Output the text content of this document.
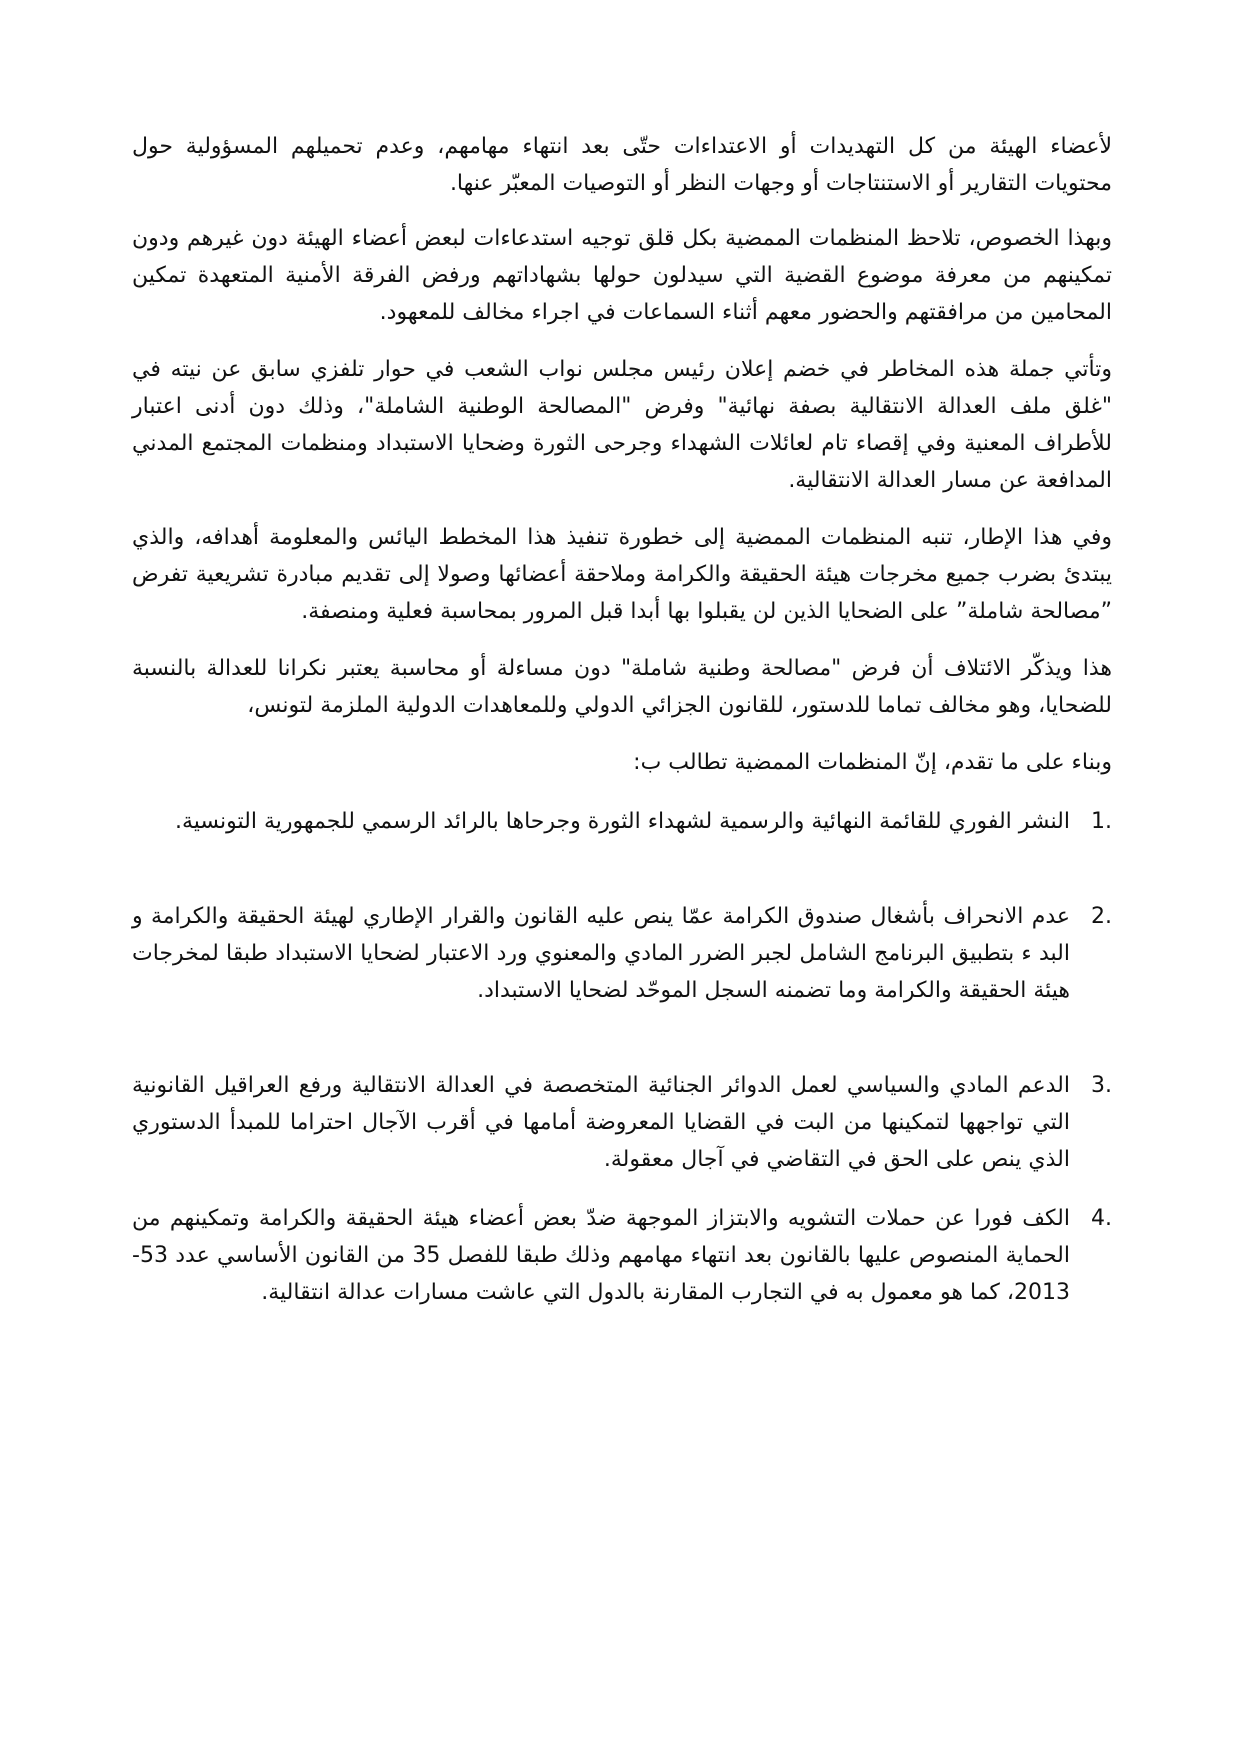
لأعضاء الهيئة من كل التهديدات أو الاعتداءات حتّى بعد انتهاء مهامهم، وعدم تحميلهم المسؤولية حول محتويات التقارير أو الاستنتاجات أو وجهات النظر أو التوصيات المعبّر عنها.

وبهذا الخصوص، تلاحظ المنظمات الممضية بكل قلق توجيه استدعاءات لبعض أعضاء الهيئة دون غيرهم ودون تمكينهم من معرفة موضوع القضية التي سيدلون حولها بشهاداتهم ورفض الفرقة الأمنية المتعهدة تمكين المحامين من مرافقتهم والحضور معهم أثناء السماعات في اجراء مخالف للمعهود.

وتأتي جملة هذه المخاطر في خضم إعلان رئيس مجلس نواب الشعب في حوار تلفزي سابق عن نيته في "غلق ملف العدالة الانتقالية بصفة نهائية" وفرض "المصالحة الوطنية الشاملة"، وذلك دون أدنى اعتبار للأطراف المعنية وفي إقصاء تام لعائلات الشهداء وجرحى الثورة وضحايا الاستبداد ومنظمات المجتمع المدني المدافعة عن مسار العدالة الانتقالية.

وفي هذا الإطار، تنبه المنظمات الممضية إلى خطورة تنفيذ هذا المخطط اليائس والمعلومة أهدافه، والذي يبتدئ بضرب جميع مخرجات هيئة الحقيقة والكرامة وملاحقة أعضائها وصولا إلى تقديم مبادرة تشريعية تفرض ”مصالحة شاملة” على الضحايا الذين لن يقبلوا بها أبدا قبل المرور بمحاسبة فعلية ومنصفة.

هذا ويذكّر الائتلاف أن فرض "مصالحة وطنية شاملة" دون مساءلة أو محاسبة يعتبر نكرانا للعدالة بالنسبة للضحايا، وهو مخالف تماما للدستور، للقانون الجزائي الدولي وللمعاهدات الدولية الملزمة لتونس،

وبناء على ما تقدم، إنّ المنظمات الممضية تطالب ب:

1.
النشر الفوري للقائمة النهائية والرسمية لشهداء الثورة وجرحاها بالرائد الرسمي للجمهورية التونسية.
2.
عدم الانحراف بأشغال صندوق الكرامة عمّا ينص عليه القانون والقرار الإطاري لهيئة الحقيقة والكرامة و البد ء بتطبيق البرنامج الشامل لجبر الضرر المادي والمعنوي ورد الاعتبار لضحايا الاستبداد طبقا لمخرجات هيئة الحقيقة والكرامة وما تضمنه السجل الموحّد لضحايا الاستبداد.
3.
الدعم المادي والسياسي لعمل الدوائر الجنائية المتخصصة في العدالة الانتقالية ورفع العراقيل القانونية التي تواجهها لتمكينها من البت في القضايا المعروضة أمامها في أقرب الآجال احتراما للمبدأ الدستوري الذي ينص على الحق في التقاضي في آجال معقولة.
4.
الكف فورا عن حملات التشويه والابتزاز الموجهة ضدّ بعض أعضاء هيئة الحقيقة والكرامة وتمكينهم من الحماية المنصوص عليها بالقانون بعد انتهاء مهامهم وذلك طبقا للفصل 35 من القانون الأساسي عدد 53-2013، كما هو معمول به في التجارب المقارنة بالدول التي عاشت مسارات عدالة انتقالية.
